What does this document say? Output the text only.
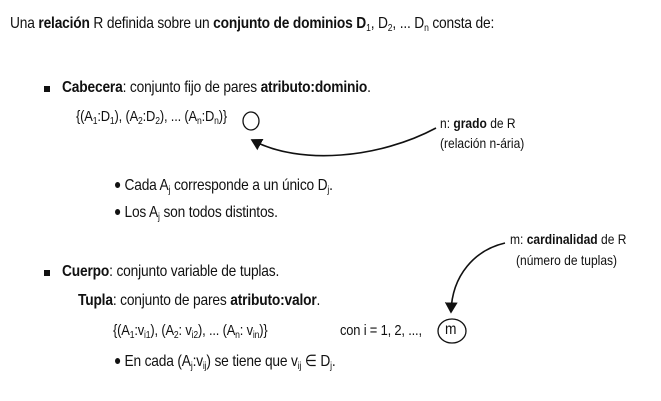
Una relación R definida sobre un conjunto de dominios $D_1$, $D_2$, ... $D_n$ consta de:
Cabecera: conjunto fijo de pares atributo:dominio.
{$(A_1:D_1)$, $(A_2:D_2)$, ... $(A_n:D_n)$}	n: grado de R
(relación n-ária)
Cada $A_j$ corresponde a un único $D_j$.
Los $A_j$ son todos distintos.
m: cardinalidad de R
(número de tuplas)
Cuerpo: conjunto variable de tuplas.
Tupla: conjunto de pares atributo:valor.
{$(A_1:v_{i1})$, ($A_2$: $v_{i2}$), ... ($A_n$: $v_{in}$)}	con i = 1, 2, ..., m
En cada $(A_j:v_{ij})$ se tiene que $v_{ij}$ ∈ $D_j$.
